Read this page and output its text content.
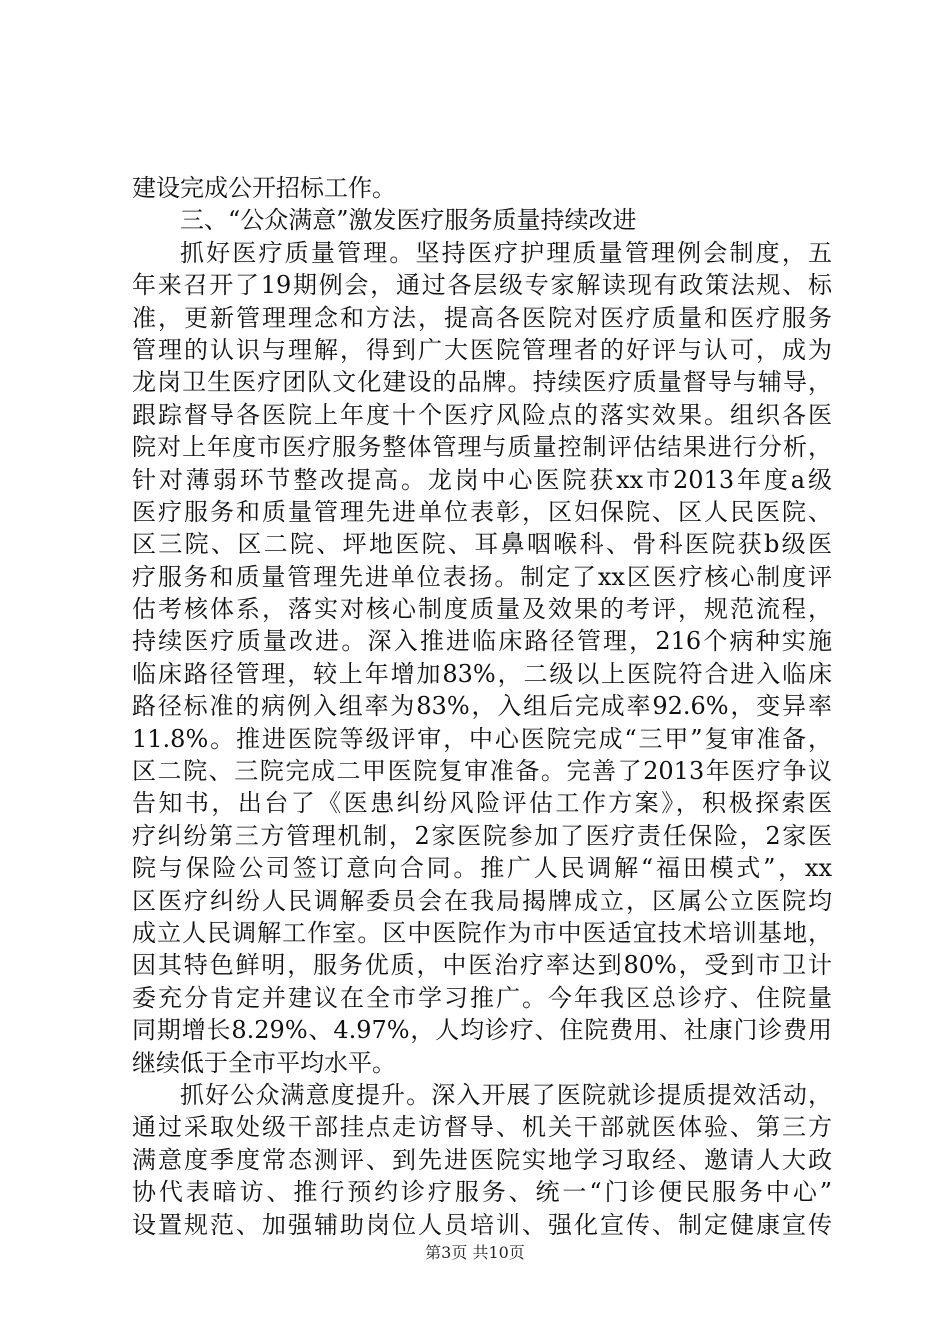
建设完成公开招标工作。
三、“公众满意”激发医疗服务质量持续改进
抓好医疗质量管理。坚持医疗护理质量管理例会制度，五
年来召开了19期例会，通过各层级专家解读现有政策法规、标
准，更新管理理念和方法，提高各医院对医疗质量和医疗服务
管理的认识与理解，得到广大医院管理者的好评与认可，成为
龙岗卫生医疗团队文化建设的品牌。持续医疗质量督导与辅导，
跟踪督导各医院上年度十个医疗风险点的落实效果。组织各医
院对上年度市医疗服务整体管理与质量控制评估结果进行分析，
针对薄弱环节整改提高。龙岗中心医院获xx市2013年度a级
医疗服务和质量管理先进单位表彰，区妇保院、区人民医院、
区三院、区二院、坪地医院、耳鼻咽喉科、骨科医院获b级医
疗服务和质量管理先进单位表扬。制定了xx区医疗核心制度评
估考核体系，落实对核心制度质量及效果的考评，规范流程，
持续医疗质量改进。深入推进临床路径管理，216个病种实施
临床路径管理，较上年增加83%，二级以上医院符合进入临床
路径标准的病例入组率为83%，入组后完成率92.6%，变异率
11.8%。推进医院等级评审，中心医院完成“三甲”复审准备，
区二院、三院完成二甲医院复审准备。完善了2013年医疗争议
告知书，出台了《医患纠纷风险评估工作方案》，积极探索医
疗纠纷第三方管理机制，2家医院参加了医疗责任保险，2家医
院与保险公司签订意向合同。推广人民调解“福田模式”，xx
区医疗纠纷人民调解委员会在我局揭牌成立，区属公立医院均
成立人民调解工作室。区中医院作为市中医适宜技术培训基地，
因其特色鲜明，服务优质，中医治疗率达到80%，受到市卫计
委充分肯定并建议在全市学习推广。今年我区总诊疗、住院量
同期增长8.29%、4.97%，人均诊疗、住院费用、社康门诊费用
继续低于全市平均水平。
抓好公众满意度提升。深入开展了医院就诊提质提效活动，
通过采取处级干部挂点走访督导、机关干部就医体验、第三方
满意度季度常态测评、到先进医院实地学习取经、邀请人大政
协代表暗访、推行预约诊疗服务、统一“门诊便民服务中心”
设置规范、加强辅助岗位人员培训、强化宣传、制定健康宣传
第3页 共10页
